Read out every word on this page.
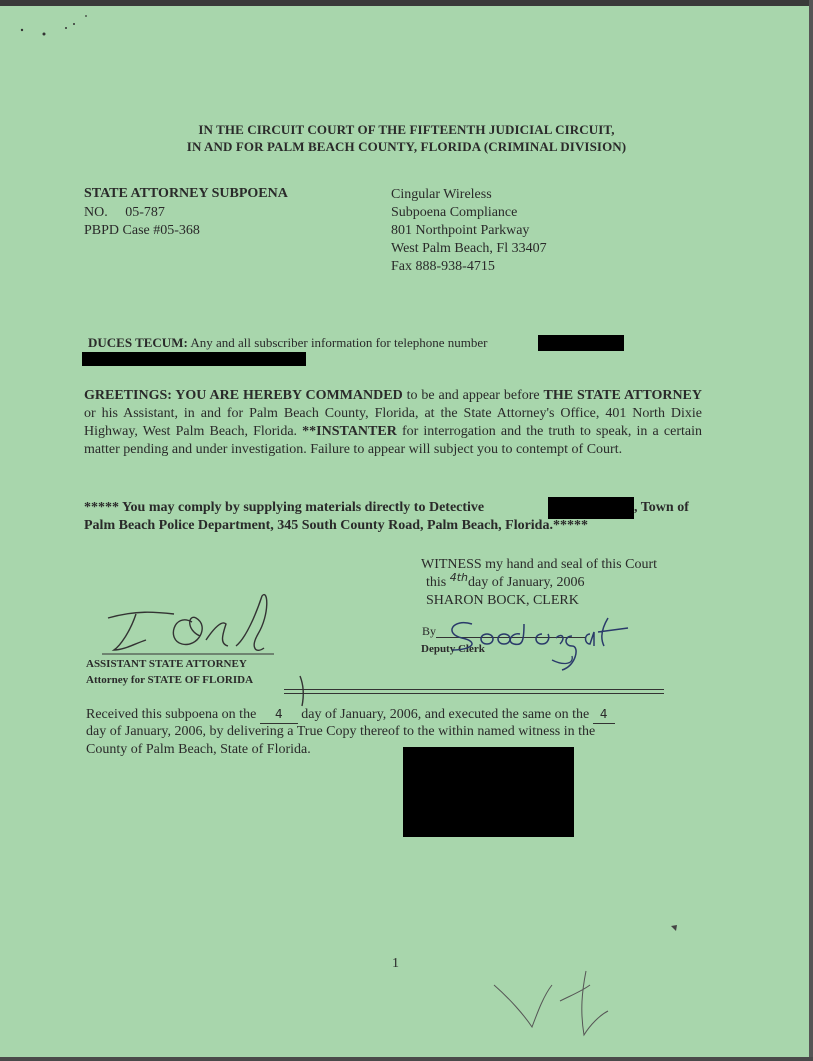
IN THE CIRCUIT COURT OF THE FIFTEENTH JUDICIAL CIRCUIT,
IN AND FOR PALM BEACH COUNTY, FLORIDA (CRIMINAL DIVISION)
STATE ATTORNEY SUBPOENA
NO.     05-787
PBPD Case #05-368
Cingular Wireless
Subpoena Compliance
801 Northpoint Parkway
West Palm Beach, Fl 33407
Fax 888-938-4715
DUCES TECUM: Any and all subscriber information for telephone number
GREETINGS: YOU ARE HEREBY COMMANDED to be and appear before THE STATE ATTORNEY or his Assistant, in and for Palm Beach County, Florida, at the State Attorney's Office, 401 North Dixie Highway, West Palm Beach, Florida. **INSTANTER for interrogation and the truth to speak, in a certain matter pending and under investigation. Failure to appear will subject you to contempt of Court.
***** You may comply by supplying materials directly to Detective	, Town of
Palm Beach Police Department, 345 South County Road, Palm Beach, Florida.*****
WITNESS my hand and seal of this Court
this $^{4th}$day of January, 2006
SHARON BOCK, CLERK
By
Deputy Clerk
ASSISTANT STATE ATTORNEY
Attorney for STATE OF FLORIDA
Received this subpoena on the 4 day of January, 2006, and executed the same on the 4
day of January, 2006, by delivering a True Copy thereof to the within named witness in the
County of Palm Beach, State of Florida.
1
